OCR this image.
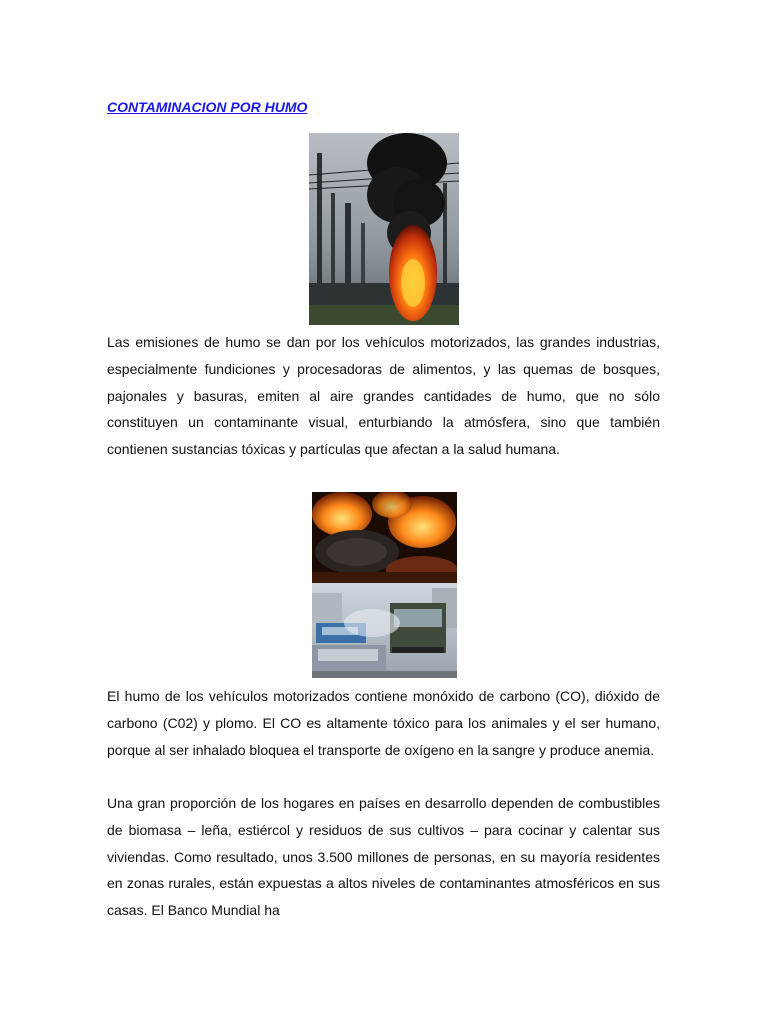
CONTAMINACION POR HUMO

Las emisiones de humo se dan por los vehículos motorizados, las grandes industrias, especialmente fundiciones y procesadoras de alimentos, y las quemas de bosques, pajonales y basuras, emiten al aire grandes cantidades de humo, que no sólo constituyen un contaminante visual, enturbiando la atmósfera, sino que también contienen sustancias tóxicas y partículas que afectan a la salud humana.

El humo de los vehículos motorizados contiene monóxido de carbono (CO), dióxido de carbono (C02) y plomo. El CO es altamente tóxico para los animales y el ser humano, porque al ser inhalado bloquea el transporte de oxígeno en la sangre y produce anemia.

Una gran proporción de los hogares en países en desarrollo dependen de combustibles de biomasa – leña, estiércol y residuos de sus cultivos – para cocinar y calentar sus viviendas. Como resultado, unos 3.500 millones de personas, en su mayoría residentes en zonas rurales, están expuestas a altos niveles de contaminantes atmosféricos en sus casas. El Banco Mundial ha
